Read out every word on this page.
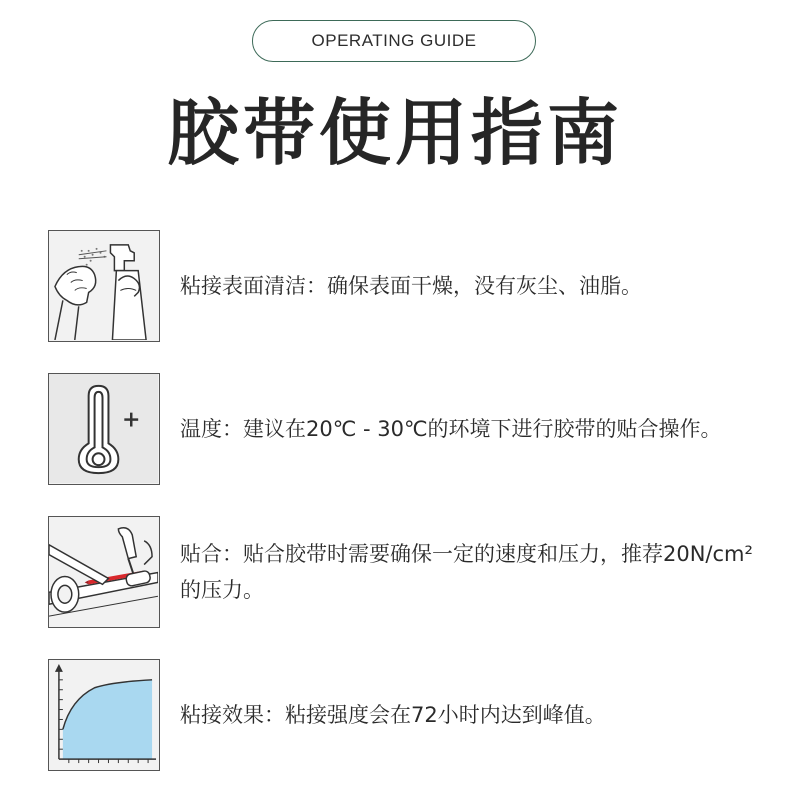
OPERATING GUIDE
胶带使用指南
粘接表面清洁：确保表面干燥，没有灰尘、油脂。
温度：建议在20℃ - 30℃的环境下进行胶带的贴合操作。
贴合：贴合胶带时需要确保一定的速度和压力，推荐20N/cm²的压力。
粘接效果：粘接强度会在72小时内达到峰值。
